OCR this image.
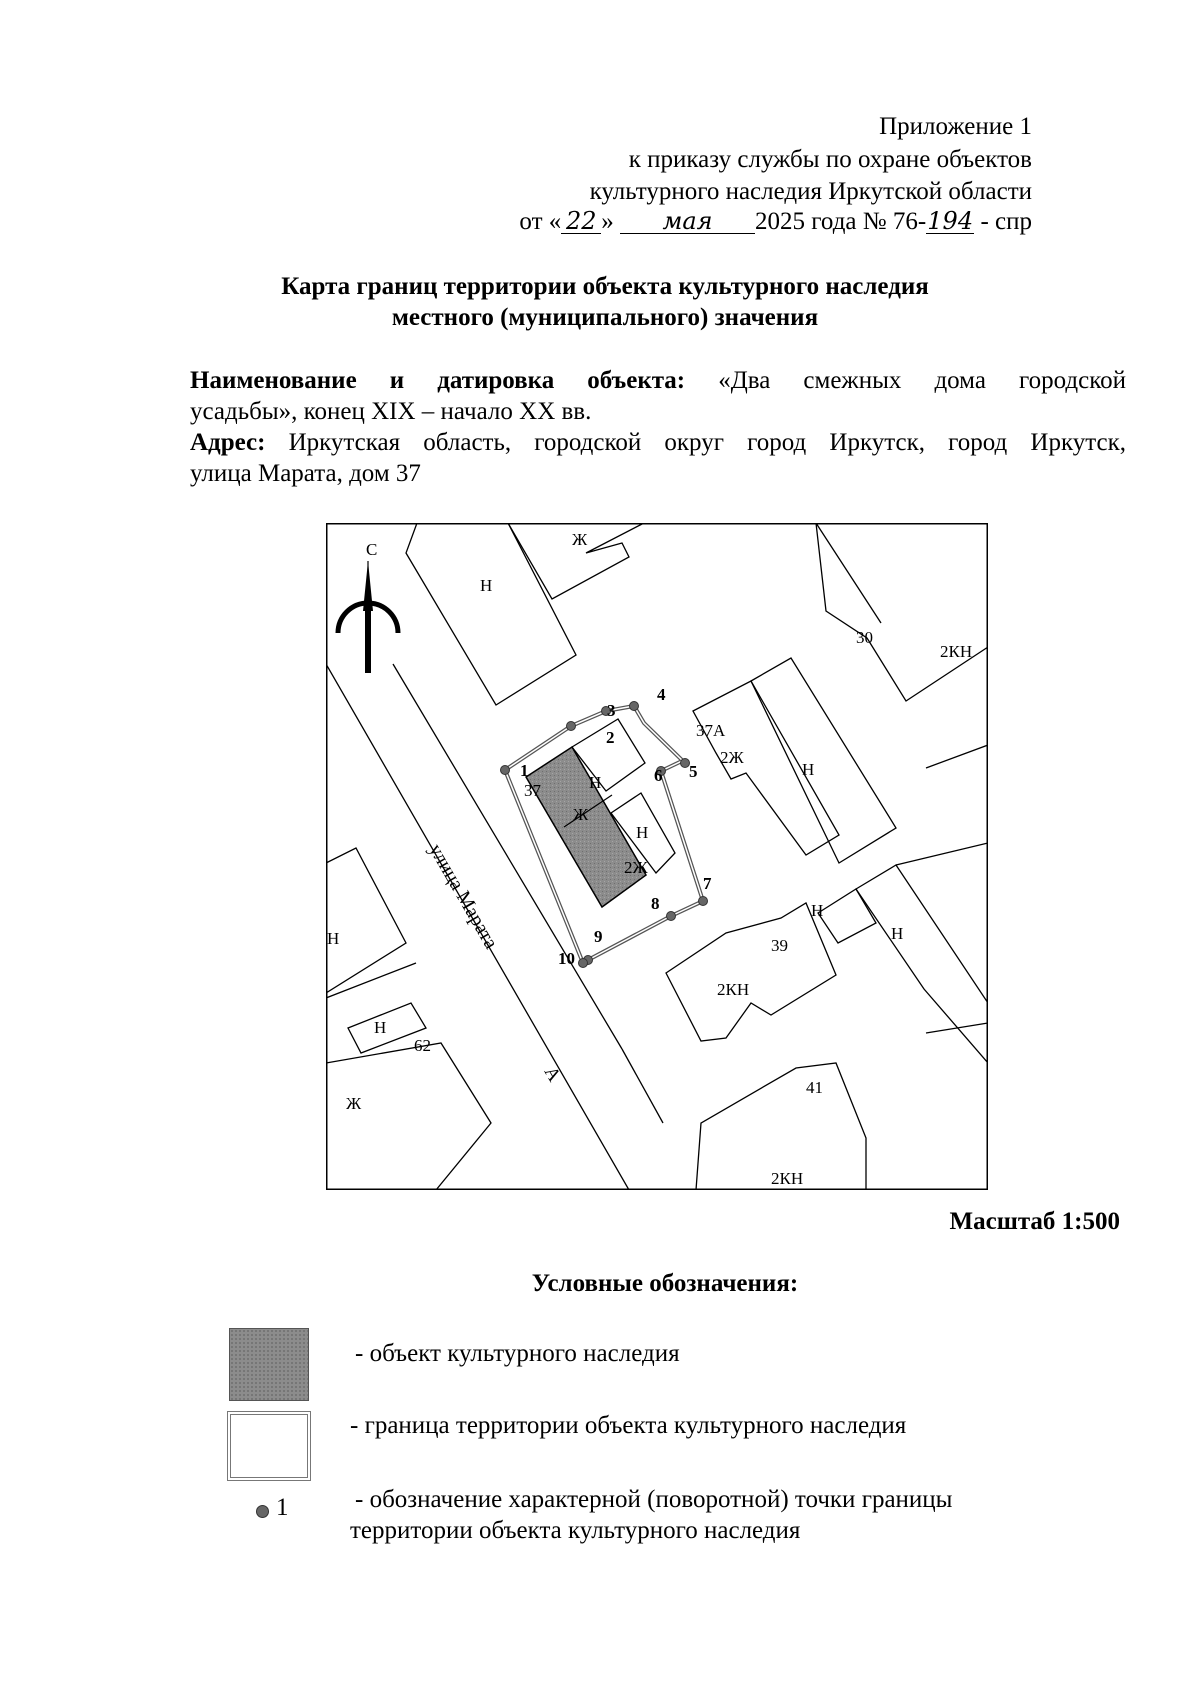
Приложение 1
к приказу службы по охране объектов
культурного наследия Иркутской области
от « 22 » мая 2025 года № 76-194 - спр
Карта границ территории объекта культурного наследия
местного (муниципального) значения
Наименование и датировка объекта: «Два смежных дома городской
усадьбы», конец XIX – начало XX вв.
Адрес: Иркутская область, городской округ город Иркутск, город Иркутск,
улица Марата, дом 37
1
2
3
4
5
6
7
8
9
10
Н
Ж
30
2КН
37А
2Ж
Н
Н
37
Ж
2Ж
Н
Н
Н
62
Ж
39
2КН
Н
Н
41
2КН
улица Марата
А
С
Масштаб 1:500
Условные обозначения:
- объект культурного наследия
- граница территории объекта культурного наследия
1	- обозначение характерной (поворотной) точки границы
территории объекта культурного наследия
